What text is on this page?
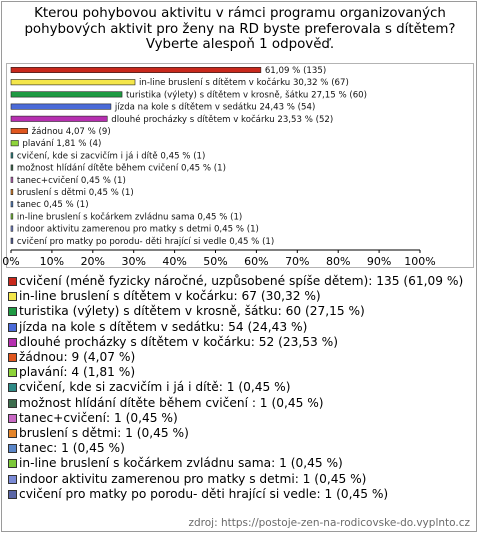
Kterou pohybovou aktivitu v rámci programu organizovaných
pohybových aktivit pro ženy na RD byste preferovala s dítětem?
Vyberte alespoň 1 odpověď.
0% 10% 20% 30% 40% 50% 60% 70% 80% 90% 100%
61,09 % (135)
in-line bruslení s dítětem v kočárku 30,32 % (67)
turistika (výlety) s dítětem v krosně, šátku 27,15 % (60)
jízda na kole s dítětem v sedátku 24,43 % (54)
dlouhé procházky s dítětem v kočárku 23,53 % (52)
žádnou 4,07 % (9)
plavání 1,81 % (4)
cvičení, kde si zacvičím i já i dítě 0,45 % (1)
možnost hlídání dítěte během cvičení 0,45 % (1)
tanec+cvičení 0,45 % (1)
bruslení s dětmi 0,45 % (1)
tanec 0,45 % (1)
in-line bruslení s kočárkem zvládnu sama 0,45 % (1)
indoor aktivitu zamerenou pro matky s detmi 0,45 % (1)
cvičení pro matky po porodu- děti hrající si vedle 0,45 % (1)
cvičení (méně fyzicky náročné, uzpůsobené spíše dětem): 135 (61,09 %)
in-line bruslení s dítětem v kočárku: 67 (30,32 %)
turistika (výlety) s dítětem v krosně, šátku: 60 (27,15 %)
jízda na kole s dítětem v sedátku: 54 (24,43 %)
dlouhé procházky s dítětem v kočárku: 52 (23,53 %)
žádnou: 9 (4,07 %)
plavání: 4 (1,81 %)
cvičení, kde si zacvičím i já i dítě: 1 (0,45 %)
možnost hlídání dítěte během cvičení : 1 (0,45 %)
tanec+cvičení: 1 (0,45 %)
bruslení s dětmi: 1 (0,45 %)
tanec: 1 (0,45 %)
in-line bruslení s kočárkem zvládnu sama: 1 (0,45 %)
indoor aktivitu zamerenou pro matky s detmi: 1 (0,45 %)
cvičení pro matky po porodu- děti hrající si vedle: 1 (0,45 %)
zdroj: https://postoje-zen-na-rodicovske-do.vyplnto.cz
